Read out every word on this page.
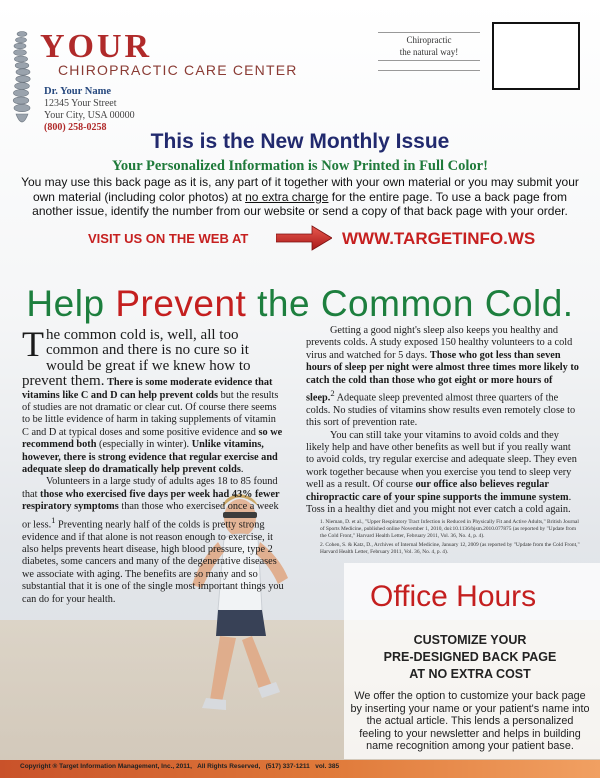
YOUR
CHIROPRACTIC CARE CENTER
Dr. Your Name
12345 Your Street
Your City, USA 00000
(800) 258-0258
Chiropractic
the natural way!
This is the New Monthly Issue
Your Personalized Information is Now Printed in Full Color!
You may use this back page as it is, any part of it together with your own material or you may submit your own material (including color photos) at no extra charge for the entire page. To use a back page from another issue, identify the number from our website or send a copy of that back page with your order.
VISIT US ON THE WEB AT	WWW.TARGETINFO.WS
Help Prevent the Common Cold.

The common cold is, well, all too common and there is no cure so it would be great if we knew how to prevent them. There is some moderate evidence that vitamins like C and D can help prevent colds but the results of studies are not dramatic or clear cut. Of course there seems to be little evidence of harm in taking supplements of vitamin C and D at typical doses and some positive evidence and so we recommend both (especially in winter). Unlike vitamins, however, there is strong evidence that regular exercise and adequate sleep do dramatically help prevent colds.

Volunteers in a large study of adults ages 18 to 85 found that those who exercised five days per week had 43% fewer respiratory symptoms than those who exercised once a week or less.$^1$ Preventing nearly half of the colds is pretty strong evidence and if that alone is not reason enough to exercise, it also helps prevents heart disease, high blood pressure, type 2 diabetes, some cancers and many of the degenerative diseases we associate with aging. The benefits are so many and so substantial that it is one of the single most important things you can do for your health.

Getting a good night's sleep also keeps you healthy and prevents colds. A study exposed 150 healthy volunteers to a cold virus and watched for 5 days. Those who got less than seven hours of sleep per night were almost three times more likely to catch the cold than those who got eight or more hours of sleep.$^2$ Adequate sleep prevented almost three quarters of the colds. No studies of vitamins show results even remotely close to this sort of prevention rate.

You can still take your vitamins to avoid colds and they likely help and have other benefits as well but if you really want to avoid colds, try regular exercise and adequate sleep. They even work together because when you exercise you tend to sleep very well as a result. Of course our office also believes regular chiropractic care of your spine supports the immune system. Toss in a healthy diet and you might not ever catch a cold again.

1. Nieman, D. et al., "Upper Respiratory Tract Infection is Reduced in Physically Fit and Active Adults," British Journal of Sports Medicine, published online November 1, 2010, doi:10.1136/bjsm.2010.077875 (as reported by "Update from the Cold Front," Harvard Health Letter, February 2011, Vol. 36, No. 4, p. 4).
2. Cohen, S. & Katz, D., Archives of Internal Medicine, January 12, 2009 (as reported by "Update from the Cold Front," Harvard Health Letter, February 2011, Vol. 36, No. 4, p. 4).
Office Hours
CUSTOMIZE YOUR
PRE-DESIGNED BACK PAGE
AT NO EXTRA COST
We offer the option to customize your back page by inserting your name or your patient's name into the actual article. This lends a personalized feeling to your newsletter and helps in building name recognition among your patient base.
Copyright ® Target Information Management, Inc., 2011,   All Rights Reserved,   (517) 337-1211   vol. 385
